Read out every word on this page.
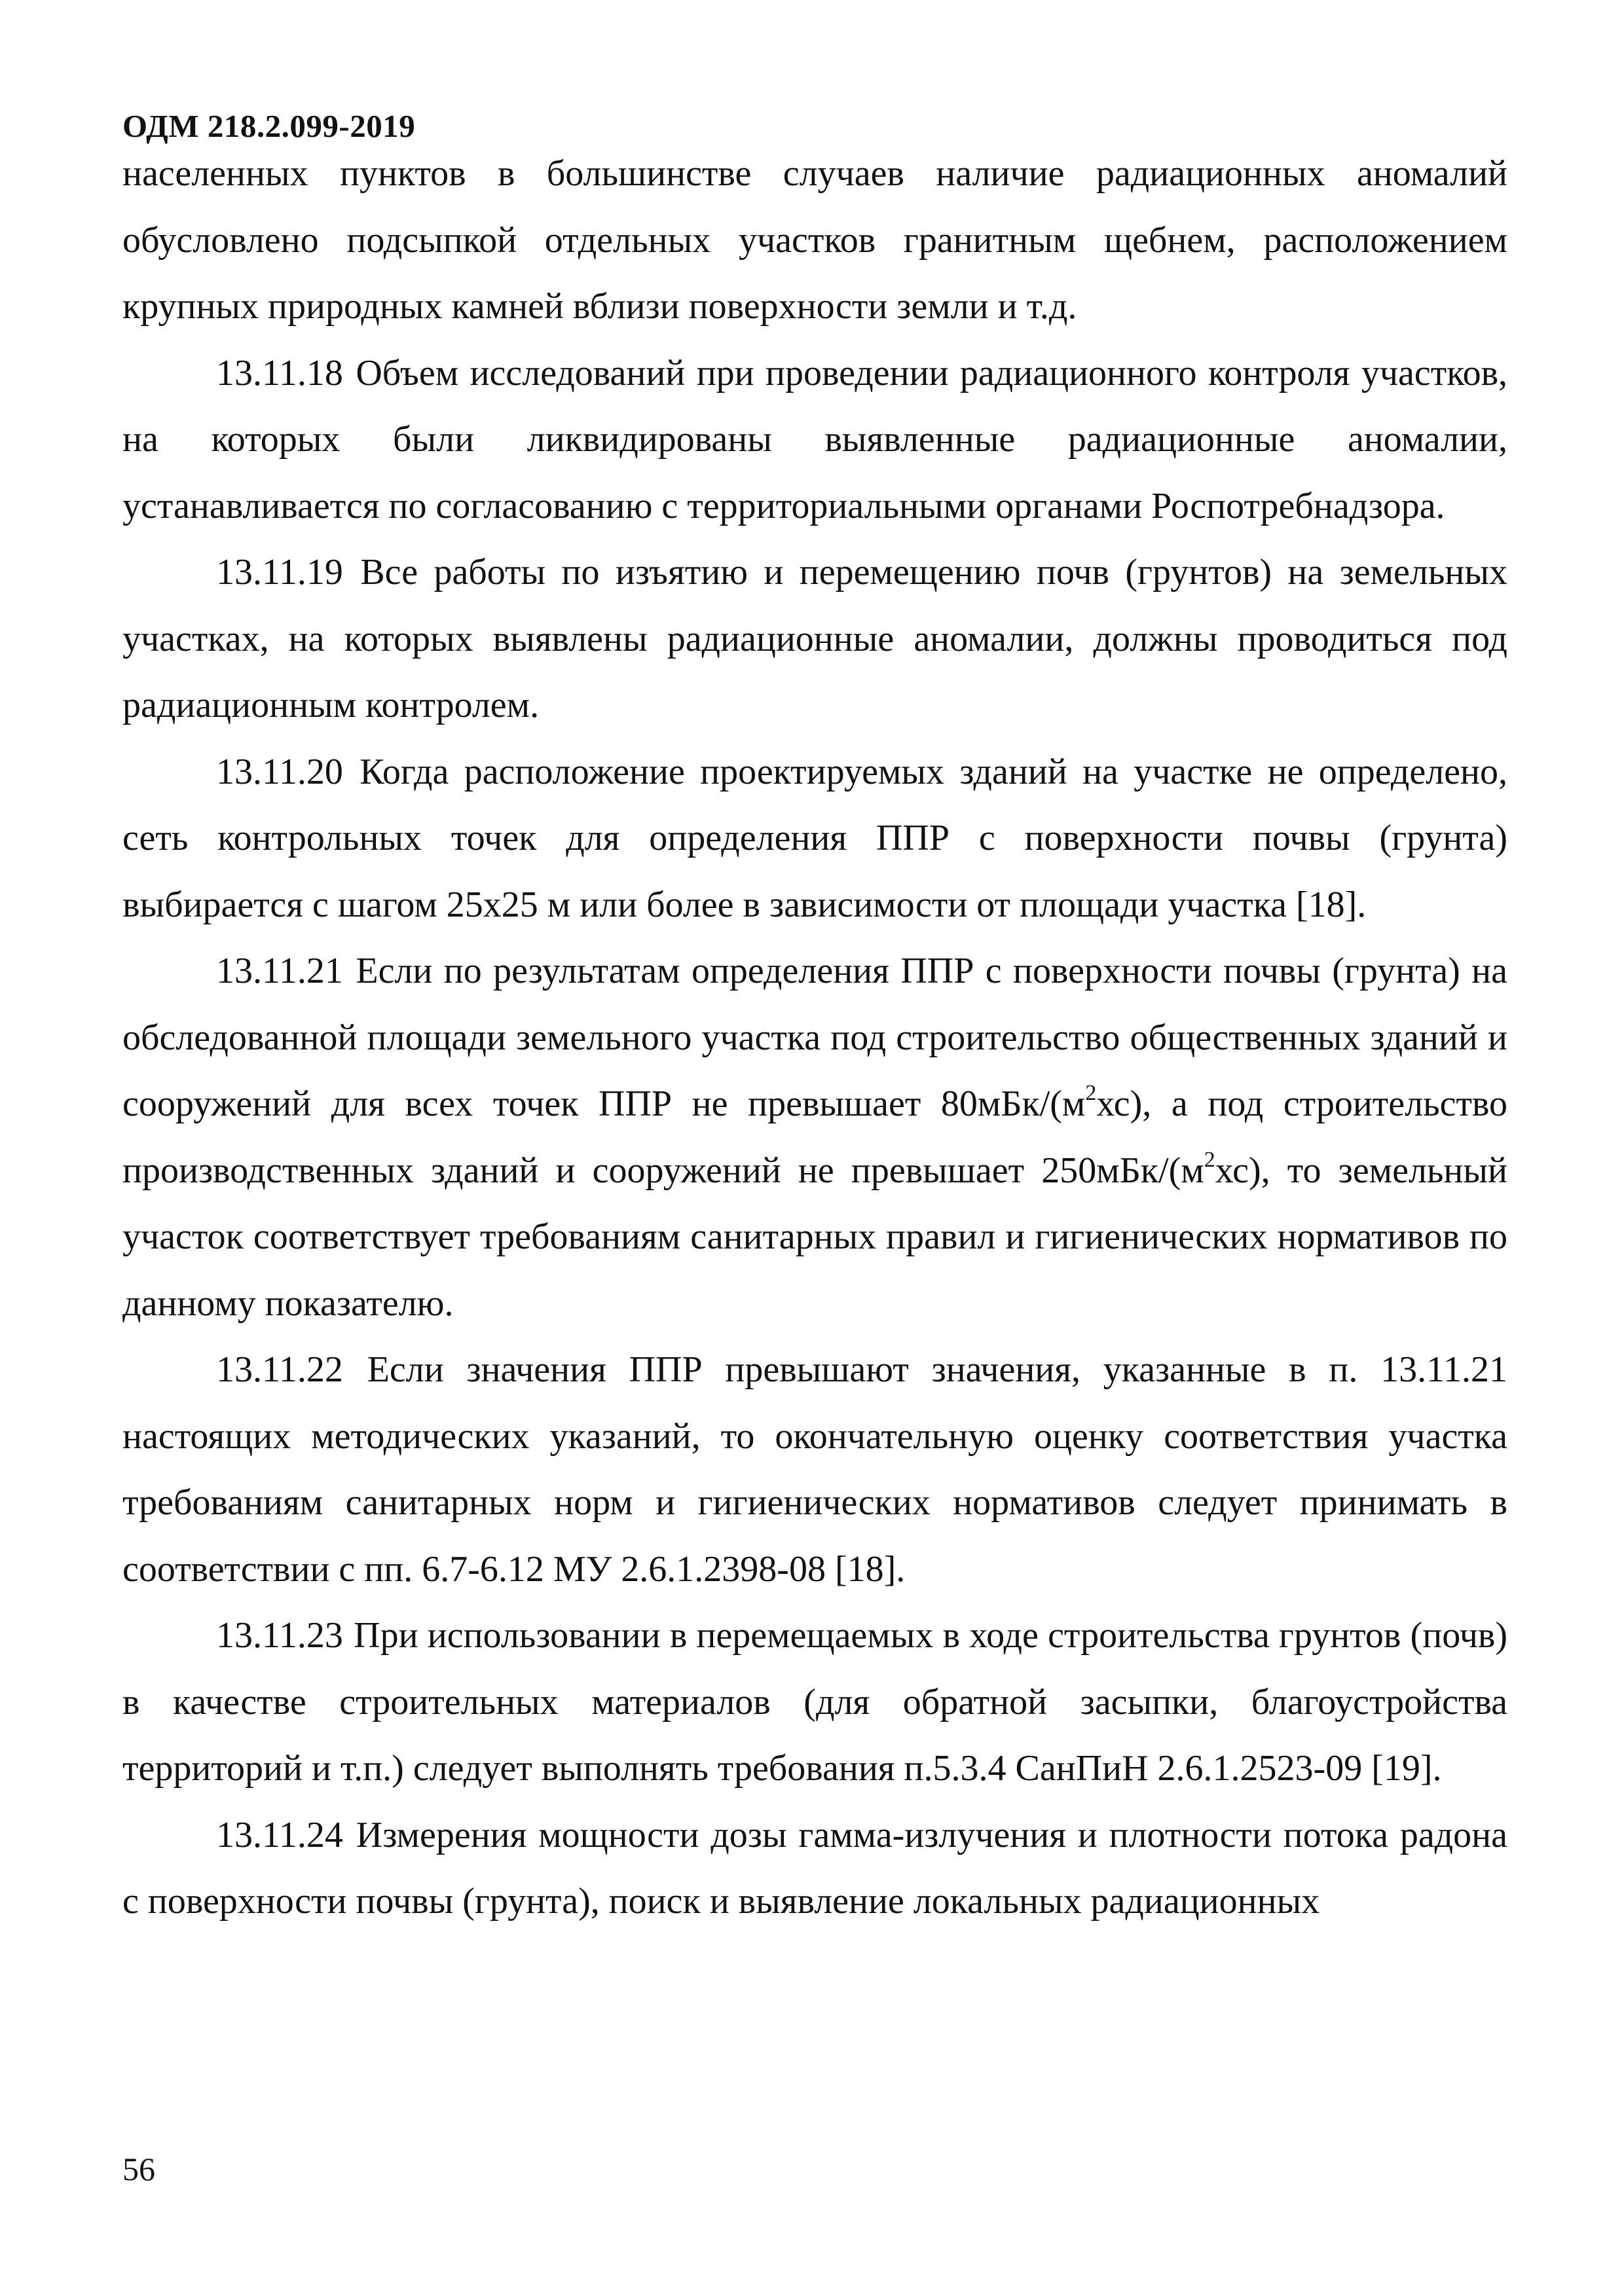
ОДМ 218.2.099-2019

населенных пунктов в большинстве случаев наличие радиационных аномалий обусловлено подсыпкой отдельных участков гранитным щебнем, расположением крупных природных камней вблизи поверхности земли и т.д.

13.11.18 Объем исследований при проведении радиационного контроля участков, на которых были ликвидированы выявленные радиационные аномалии, устанавливается по согласованию с территориальными органами Роспотребнадзора.

13.11.19 Все работы по изъятию и перемещению почв (грунтов) на земельных участках, на которых выявлены радиационные аномалии, должны проводиться под радиационным контролем.

13.11.20 Когда расположение проектируемых зданий на участке не определено, сеть контрольных точек для определения ППР с поверхности почвы (грунта) выбирается с шагом 25x25 м или более в зависимости от площади участка [18].

13.11.21 Если по результатам определения ППР с поверхности почвы (грунта) на обследованной площади земельного участка под строительство общественных зданий и сооружений для всех точек ППР не превышает $80мБк/(м^2хс)$, а под строительство производственных зданий и сооружений не превышает $250мБк/(м^2хс)$, то земельный участок соответствует требованиям санитарных правил и гигиенических нормативов по данному показателю.

13.11.22 Если значения ППР превышают значения, указанные в п. 13.11.21 настоящих методических указаний, то окончательную оценку соответствия участка требованиям санитарных норм и гигиенических нормативов следует принимать в соответствии с пп. 6.7-6.12 МУ 2.6.1.2398-08 [18].

13.11.23 При использовании в перемещаемых в ходе строительства грунтов (почв) в качестве строительных материалов (для обратной засыпки, благоустройства территорий и т.п.) следует выполнять требования п.5.3.4 СанПиН 2.6.1.2523-09 [19].

13.11.24 Измерения мощности дозы гамма-излучения и плотности потока радона с поверхности почвы (грунта), поиск и выявление локальных радиационных

56
